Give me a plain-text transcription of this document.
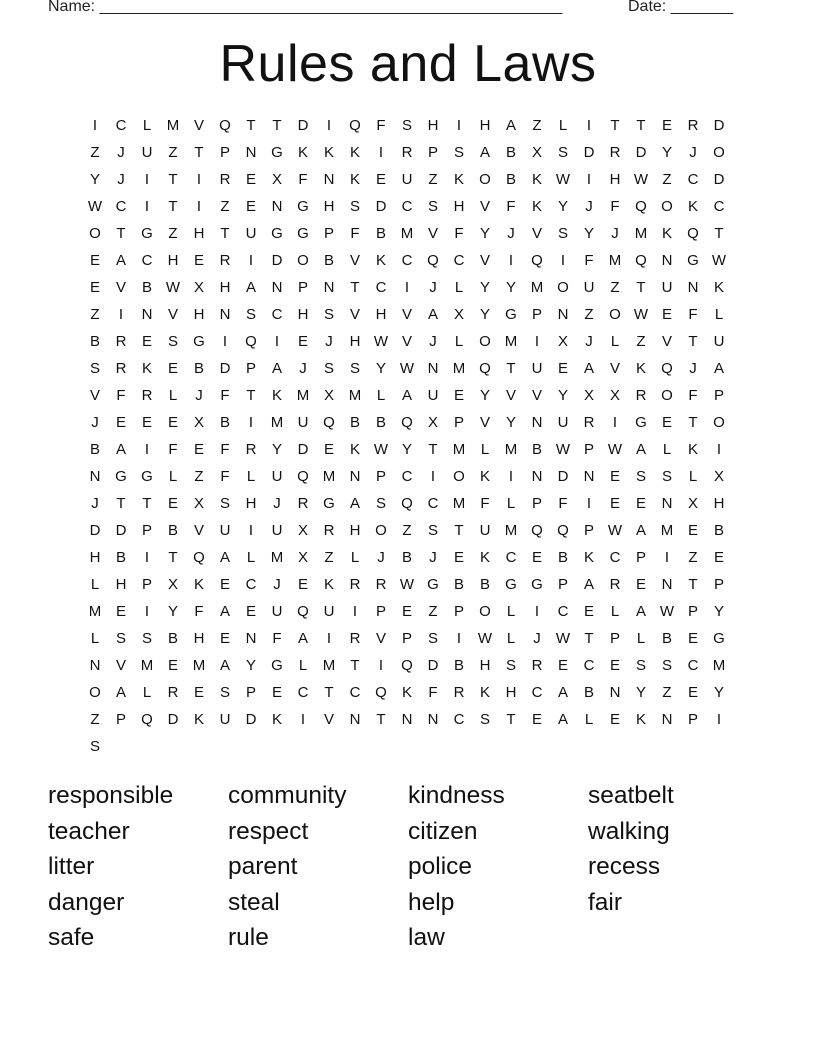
Name: ____________________________________________________	Date: _______
Rules and Laws
I	C	L	M V	Q	T	T	D	I	Q	F	S	H	I	H	A	Z	L	I	T	T	E	R	D
Z	J	U	Z	T	P	N G	K	K	K	I	R	P	S	A	B	X	S	D	R	D	Y	J	O
Y	J	I	T	I	R	E	X	F	N	K	E	U	Z	K	O	B	K W	I	H W Z	C	D
W C	I	T	I	Z	E	N G H	S	D	C	S	H	V	F	K	Y	J	F	Q O	K	C
O	T	G	Z	H	T	U G G	P	F	B M V	F	Y	J	V	S	Y	J	M K	Q	T
E	A	C	H	E	R	I	D O	B	V	K	C Q C	V	I	Q	I	F	M Q N G W
E	V	B W X	H	A	N	P	N	T	C	I	J	L	Y	Y M O U	Z	T	U	N	K
Z	I	N	V	H	N	S	C	H	S	V	H	V	A	X	Y	G	P	N	Z	O W E	F	L
B	R	E	S	G	I	Q	I	E	J	H W V	J	L	O M	I	X	J	L	Z	V	T	U
S	R	K	E	B	D	P	A	J	S	S	Y W N M Q	T	U	E	A	V	K	Q	J	A
V	F	R	L	J	F	T	K M X M	L	A	U	E	Y	V	V	Y	X	X	R O	F	P
J	E	E	E	X	B	I	M U Q	B	B	Q	X	P	V	Y	N	U	R	I	G	E	T	O
B	A	I	F	E	F	R	Y	D	E	K W Y	T	M	L	M B W P W A	L	K	I
N G G	L	Z	F	L	U Q M N	P	C	I	O	K	I	N	D	N	E	S	S	L	X
J	T	T	E	X	S	H	J	R G	A	S	Q C M	F	L	P	F	I	E	E	N	X	H
D	D	P	B	V	U	I	U	X	R	H O	Z	S	T	U M Q Q	P W A M E	B
H	B	I	T	Q	A	L	M X	Z	L	J	B	J	E	K	C	E	B	K	C	P	I	Z	E
L	H	P	X	K	E	C	J	E	K	R	R W G	B	B	G G	P	A	R	E	N	T	P
M E	I	Y	F	A	E	U Q U	I	P	E	Z	P	O	L	I	C	E	L	A W P	Y
L	S	S	B	H	E	N	F	A	I	R	V	P	S	I	W L	J	W T	P	L	B	E	G
N	V M E M A	Y	G	L	M	T	I	Q D	B	H	S	R	E	C	E	S	S	C M
O	A	L	R	E	S	P	E	C	T	C Q	K	F	R	K	H	C	A	B	N	Y	Z	E	Y
Z	P	Q D	K	U	D	K	I	V	N	T	N	N	C	S	T	E	A	L	E	K	N	P	I
S
responsible	community	kindness	seatbelt
teacher	respect	citizen	walking
litter	parent	police	recess
danger	steal	help	fair
safe	rule	law
